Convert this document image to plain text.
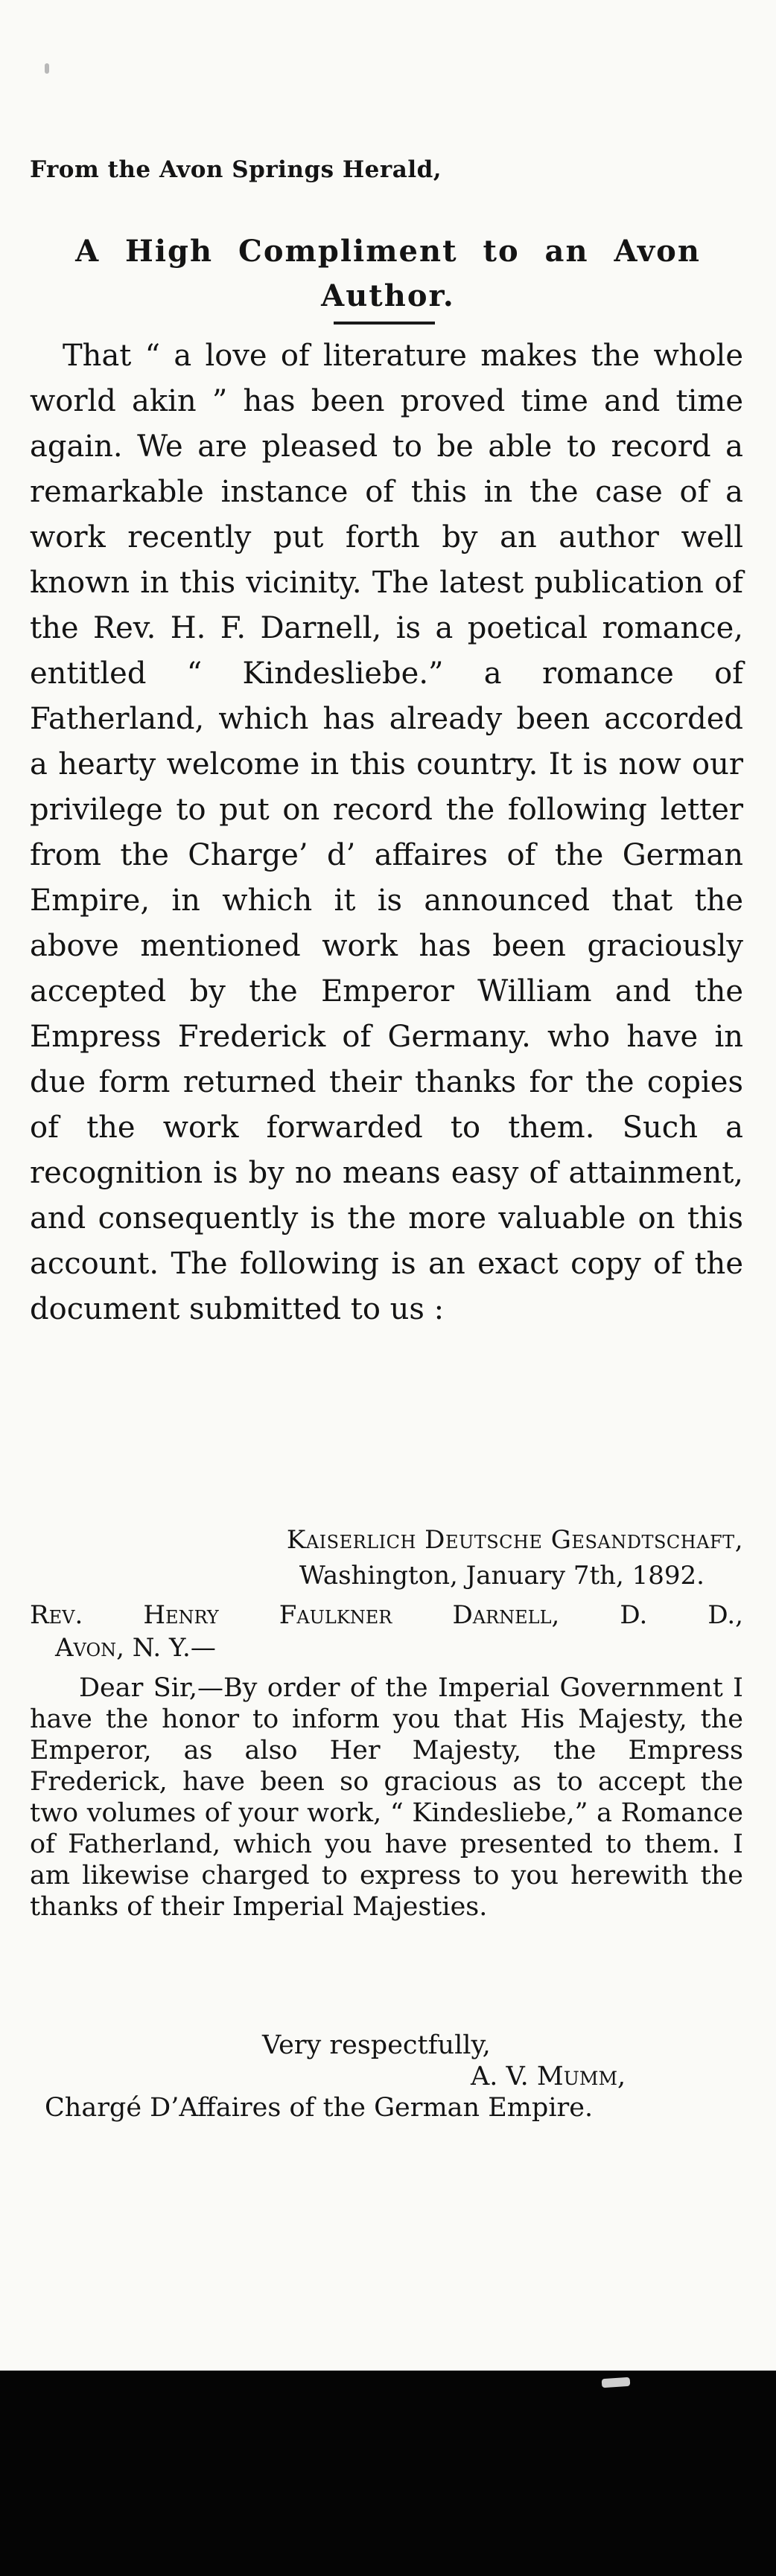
From the Avon Springs Herald,
A High Compliment to an Avon
Author.
That “ a love of literature makes the whole world akin ” has been proved time and time again. We are pleased to be able to record a remarkable instance of this in the case of a work recently put forth by an author well known in this vicinity. The latest publication of the Rev. H. F. Darnell, is a poetical romance, entitled “ Kindesliebe.” a romance of Fatherland, which has already been accorded a hearty welcome in this country. It is now our privilege to put on record the following letter from the Charge’ d’ affaires of the German Empire, in which it is announced that the above mentioned work has been graciously accepted by the Emperor William and the Empress Frederick of Germany. who have in due form returned their thanks for the copies of the work forwarded to them. Such a recognition is by no means easy of attainment, and consequently is the more valuable on this account. The following is an exact copy of the document submitted to us :
Kaiserlich Deutsche Gesandtschaft,
Washington, January 7th, 1892.
Rev. Henry Faulkner Darnell, D. D.,
Avon, N. Y.—
Dear Sir,—By order of the Imperial Government I have the honor to inform you that His Majesty, the Emperor, as also Her Majesty, the Empress Frederick, have been so gracious as to accept the two volumes of your work, “ Kindesliebe,” a Romance of Fatherland, which you have presented to them. I am likewise charged to express to you herewith the thanks of their Imperial Majesties.
Very respectfully,
A. V. Mumm,
Chargé D’Affaires of the German Empire.
